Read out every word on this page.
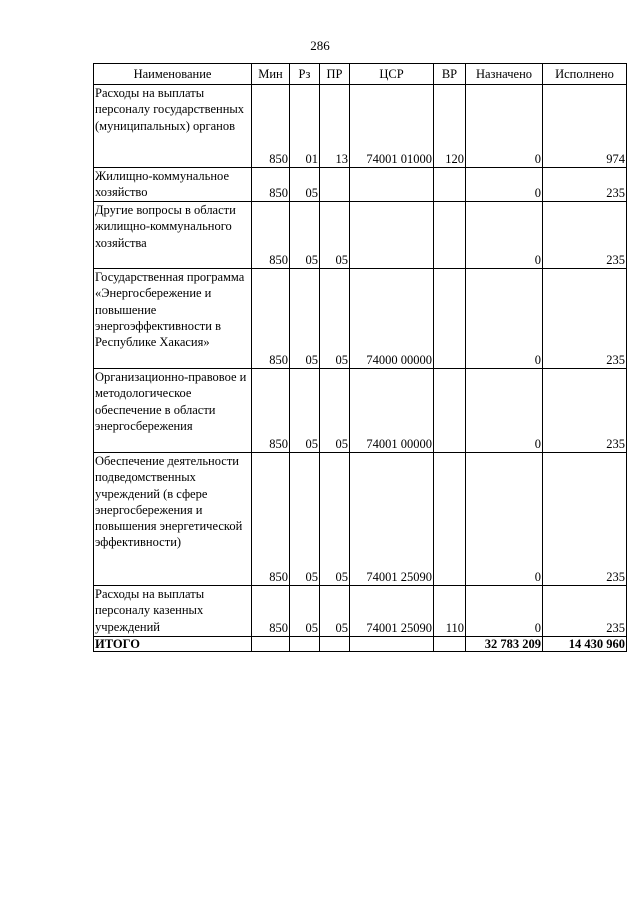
286
Наименование	Мин	Рз	ПР	ЦСР	ВР	Назначено	Исполнено
Расходы на выплаты персоналу государственных (муниципальных) органов	850	01	13	74001 01000	120	0	974
Жилищно-коммунальное хозяйство	850	05				0	235
Другие вопросы в области жилищно-коммунального хозяйства	850	05	05			0	235
Государственная программа «Энергосбережение и повышение энергоэффективности в Республике Хакасия»	850	05	05	74000 00000		0	235
Организационно-правовое и методологическое обеспечение в области энергосбережения	850	05	05	74001 00000		0	235
Обеспечение деятельности подведомственных учреждений (в сфере энергосбережения и повышения энергетической эффективности)	850	05	05	74001 25090		0	235
Расходы на выплаты персоналу казенных учреждений	850	05	05	74001 25090	110	0	235
ИТОГО						32 783 209	14 430 960
